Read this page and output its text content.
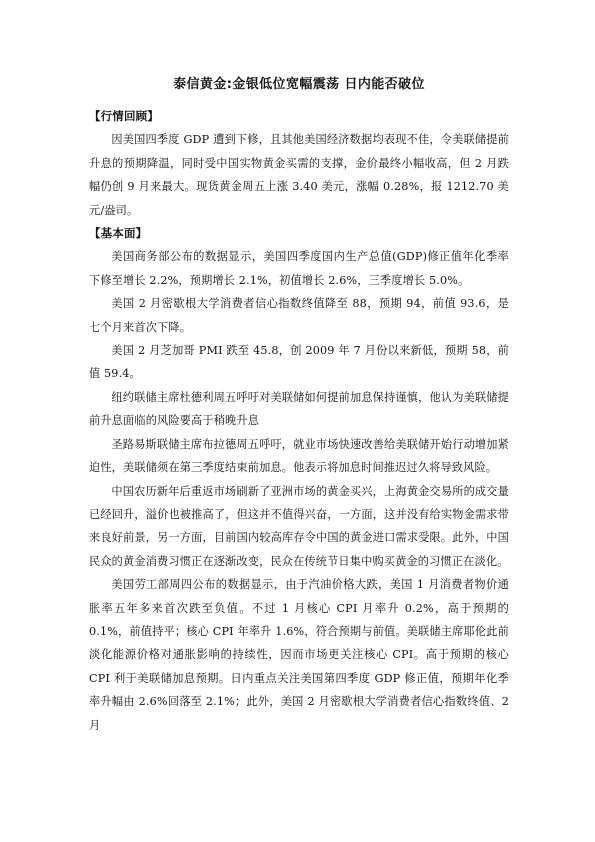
泰信黄金:金银低位宽幅震荡 日内能否破位

【行情回顾】

因美国四季度 GDP 遭到下修，且其他美国经济数据均表现不佳，令美联储提前升息的预期降温，同时受中国实物黄金买需的支撑，金价最终小幅收高，但 2 月跌幅仍创 9 月来最大。现货黄金周五上涨 3.40 美元，涨幅 0.28%，报 1212.70 美元/盎司。

【基本面】

美国商务部公布的数据显示，美国四季度国内生产总值(GDP)修正值年化季率下修至增长 2.2%，预期增长 2.1%，初值增长 2.6%，三季度增长 5.0%。

美国 2 月密歇根大学消费者信心指数终值降至 88，预期 94，前值 93.6，是七个月来首次下降。

美国 2 月芝加哥 PMI 跌至 45.8，创 2009 年 7 月份以来新低，预期 58，前值 59.4。

纽约联储主席杜德利周五呼吁对美联储如何提前加息保持谨慎，他认为美联储提前升息面临的风险要高于稍晚升息

圣路易斯联储主席布拉德周五呼吁，就业市场快速改善给美联储开始行动增加紧迫性，美联储须在第三季度结束前加息。他表示将加息时间推迟过久将导致风险。

中国农历新年后重返市场刷新了亚洲市场的黄金买兴，上海黄金交易所的成交量已经回升，溢价也被推高了，但这并不值得兴奋，一方面，这并没有给实物金需求带来良好前景，另一方面，目前国内较高库存令中国的黄金进口需求受限。此外，中国民众的黄金消费习惯正在逐渐改变，民众在传统节日集中购买黄金的习惯正在淡化。

美国劳工部周四公布的数据显示，由于汽油价格大跌，美国 1 月消费者物价通胀率五年多来首次跌至负值。不过 1 月核心 CPI 月率升 0.2%，高于预期的 0.1%，前值持平；核心 CPI 年率升 1.6%，符合预期与前值。美联储主席耶伦此前淡化能源价格对通胀影响的持续性，因而市场更关注核心 CPI。高于预期的核心 CPI 利于美联储加息预期。日内重点关注美国第四季度 GDP 修正值，预期年化季率升幅由 2.6%回落至 2.1%；此外，美国 2 月密歇根大学消费者信心指数终值、2 月
